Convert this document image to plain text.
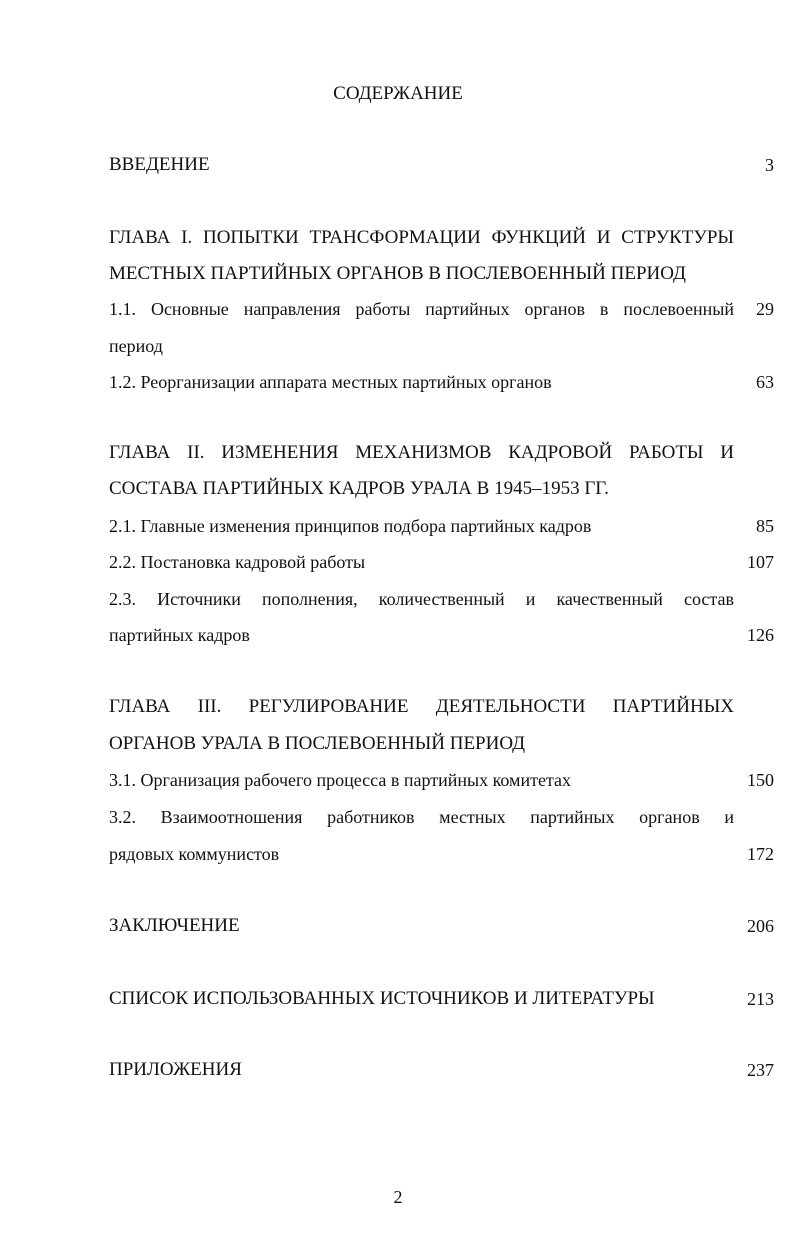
СОДЕРЖАНИЕ
ВВЕДЕНИЕ	3
ГЛАВА I. ПОПЫТКИ ТРАНСФОРМАЦИИ ФУНКЦИЙ И СТРУКТУРЫ
МЕСТНЫХ ПАРТИЙНЫХ ОРГАНОВ В ПОСЛЕВОЕННЫЙ ПЕРИОД
1.1. Основные направления работы партийных органов в послевоенный 29
период
1.2. Реорганизации аппарата местных партийных органов	63
ГЛАВА II. ИЗМЕНЕНИЯ МЕХАНИЗМОВ КАДРОВОЙ РАБОТЫ И
СОСТАВА ПАРТИЙНЫХ КАДРОВ УРАЛА В 1945–1953 ГГ.
2.1. Главные изменения принципов подбора партийных кадров	85
2.2. Постановка кадровой работы	107
2.3. Источники пополнения, количественный и качественный состав
партийных кадров	126
ГЛАВА III. РЕГУЛИРОВАНИЕ ДЕЯТЕЛЬНОСТИ ПАРТИЙНЫХ
ОРГАНОВ УРАЛА В ПОСЛЕВОЕННЫЙ ПЕРИОД
3.1. Организация рабочего процесса в партийных комитетах	150
3.2. Взаимоотношения работников местных партийных органов и
рядовых коммунистов	172
ЗАКЛЮЧЕНИЕ	206
СПИСОК ИСПОЛЬЗОВАННЫХ ИСТОЧНИКОВ И ЛИТЕРАТУРЫ	213
ПРИЛОЖЕНИЯ	237
2
